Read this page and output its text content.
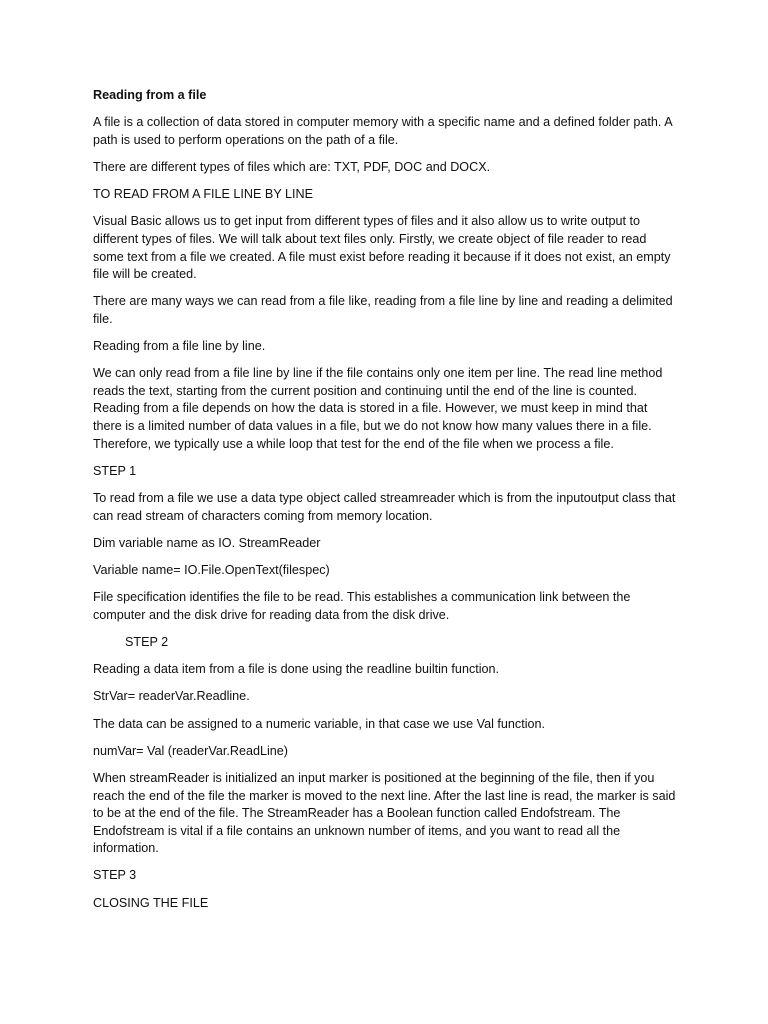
Reading from a file

A file is a collection of data stored in computer memory with a specific name and a defined folder path. A path is used to perform operations on the path of a file.

There are different types of files which are: TXT, PDF, DOC and DOCX.

TO READ FROM A FILE LINE BY LINE

Visual Basic allows us to get input from different types of files and it also allow us to write output to different types of files. We will talk about text files only. Firstly, we create object of file reader to read some text from a file we created. A file must exist before reading it because if it does not exist, an empty file will be created.

There are many ways we can read from a file like, reading from a file line by line and reading a delimited file.

Reading from a file line by line.

We can only read from a file line by line if the file contains only one item per line. The read line method reads the text, starting from the current position and continuing until the end of the line is counted. Reading from a file depends on how the data is stored in a file. However, we must keep in mind that there is a limited number of data values in a file, but we do not know how many values there in a file. Therefore, we typically use a while loop that test for the end of the file when we process a file.

STEP 1

To read from a file we use a data type object called streamreader which is from the inputoutput class that can read stream of characters coming from memory location.

Dim variable name as IO. StreamReader

Variable name= IO.File.OpenText(filespec)

File specification identifies the file to be read. This establishes a communication link between the computer and the disk drive for reading data from the disk drive.

STEP 2

Reading a data item from a file is done using the readline builtin function.

StrVar= readerVar.Readline.

The data can be assigned to a numeric variable, in that case we use Val function.

numVar= Val (readerVar.ReadLine)

When streamReader is initialized an input marker is positioned at the beginning of the file, then if you reach the end of the file the marker is moved to the next line. After the last line is read, the marker is said to be at the end of the file. The StreamReader has a Boolean function called Endofstream. The Endofstream is vital if a file contains an unknown number of items, and you want to read all the information.

STEP 3

CLOSING THE FILE
